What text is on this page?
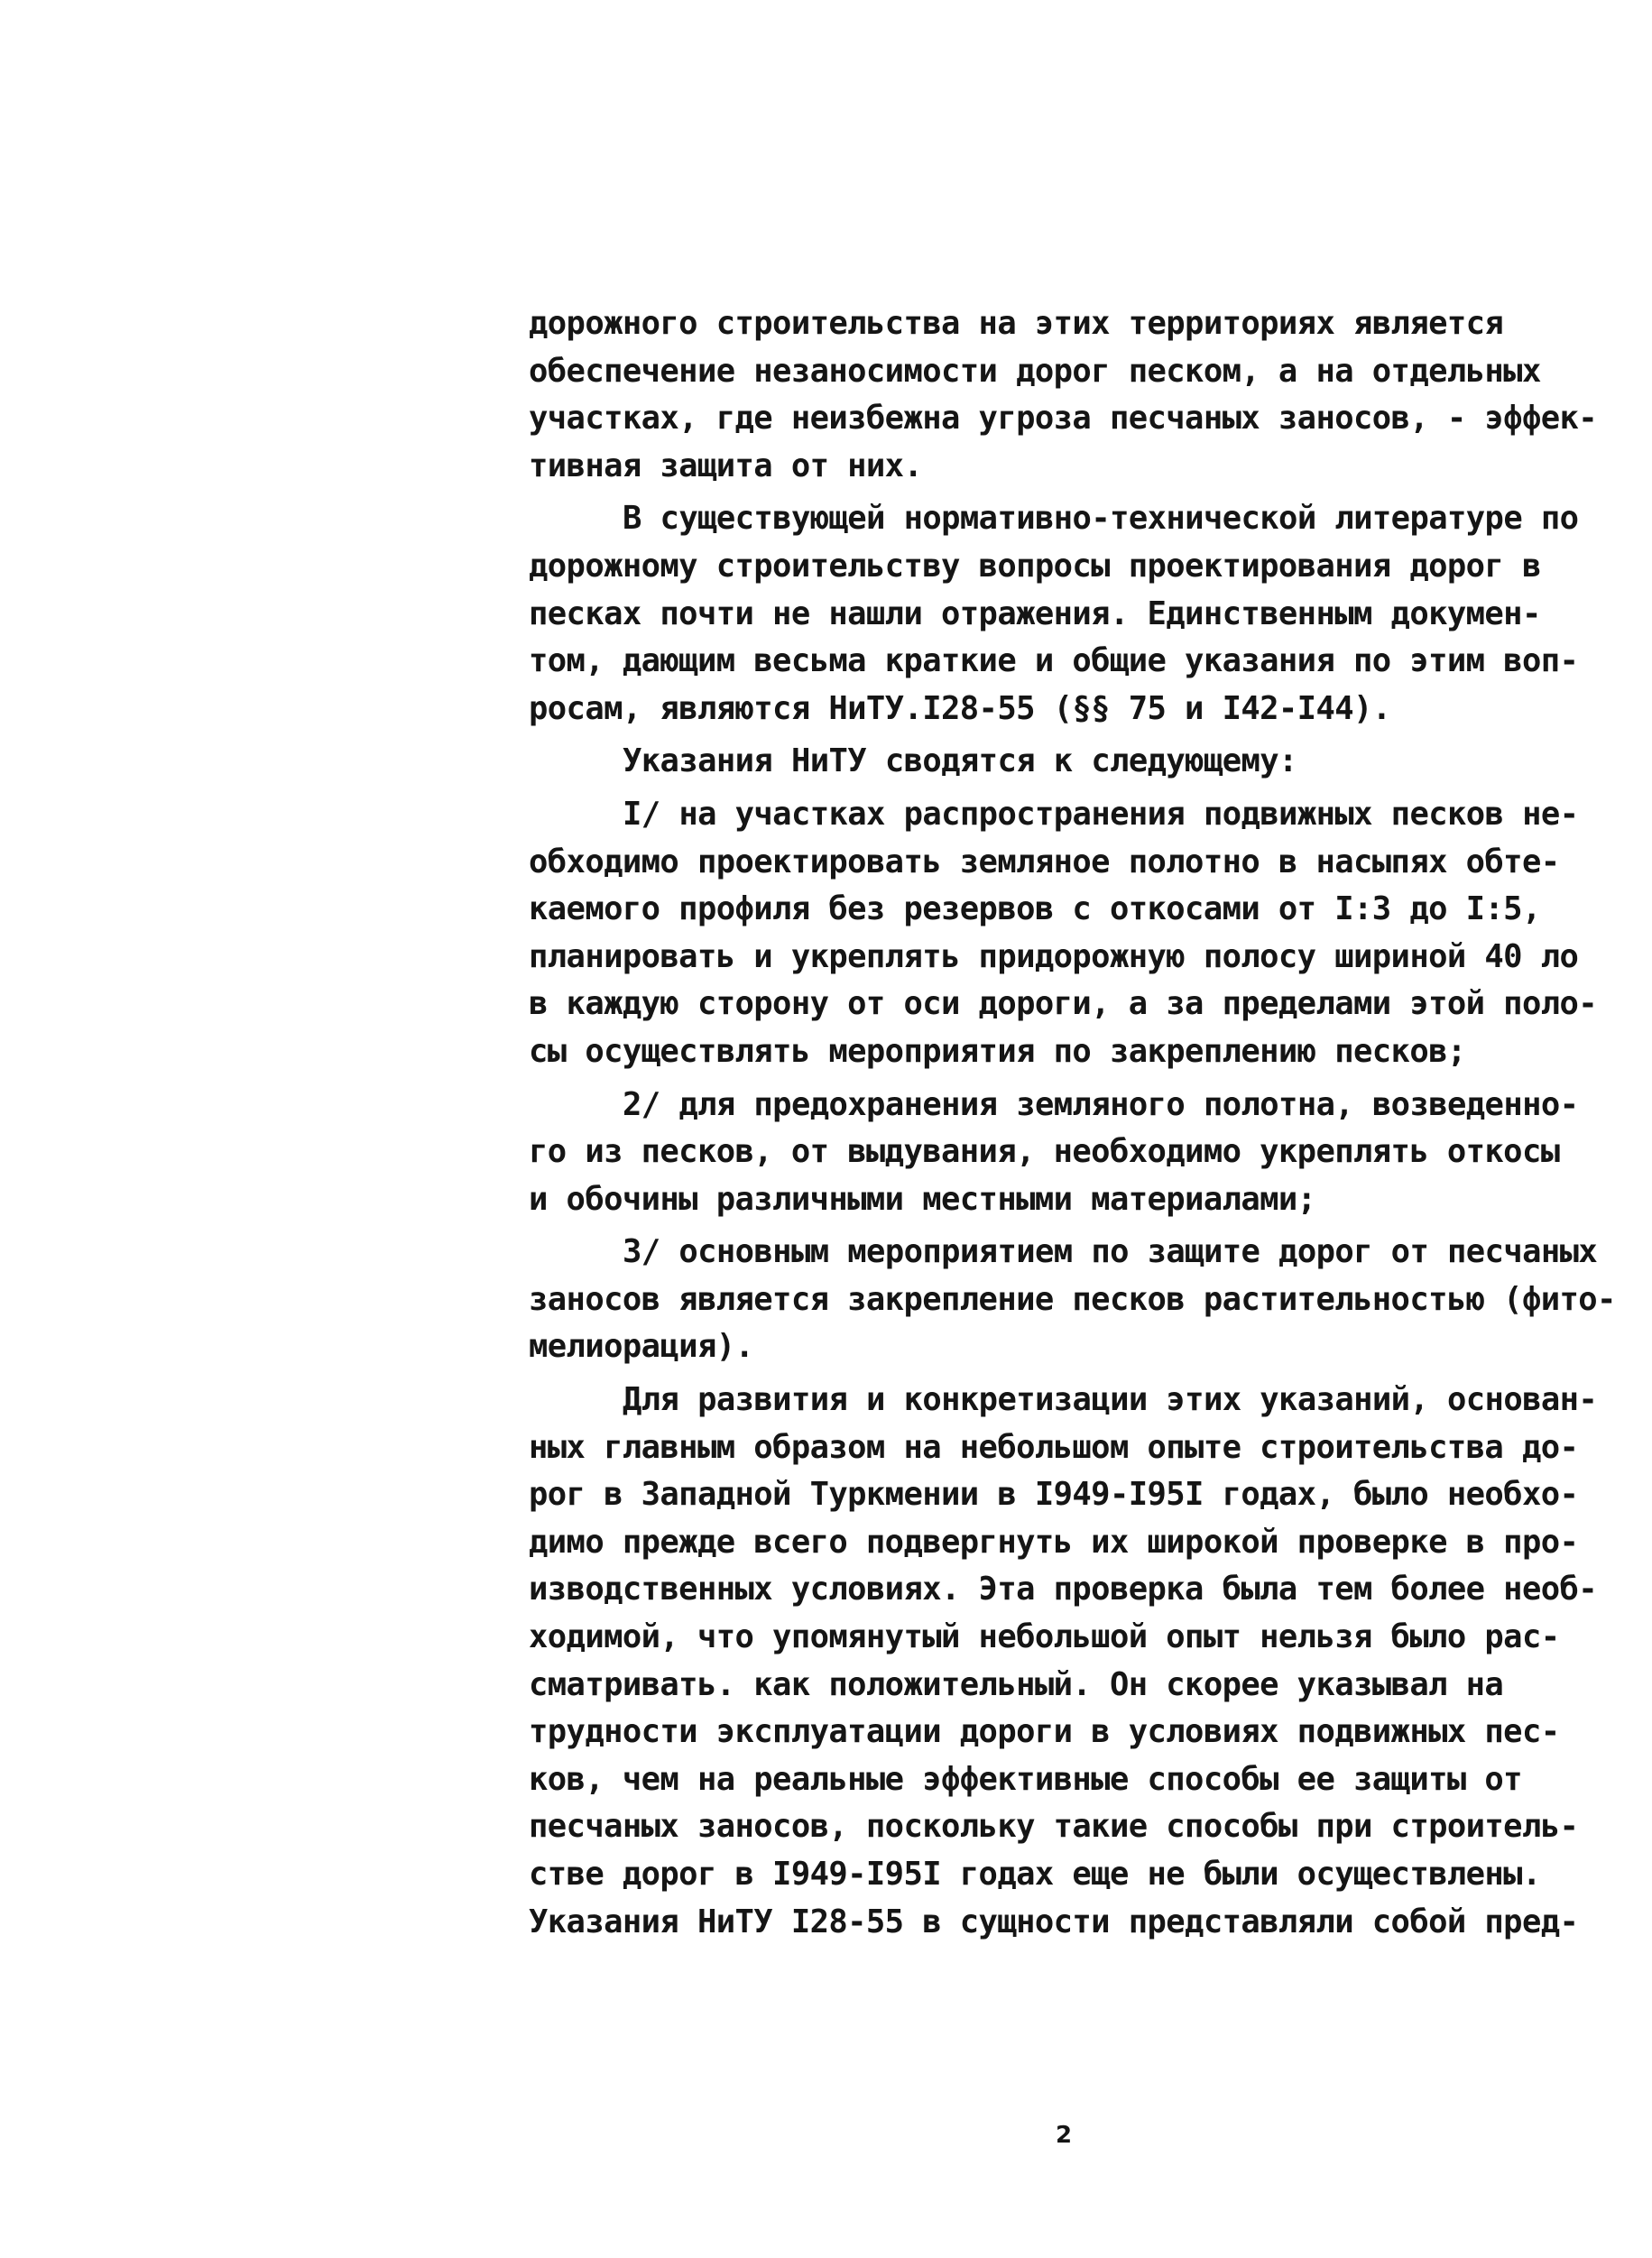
дорожного строительства на этих территориях является
обеспечение незаносимости дорог песком, а на отдельных
участках, где неизбежна угроза песчаных заносов, - эффек-
тивная защита от них.

В существующей нормативно-технической литературе по
дорожному строительству вопросы проектирования дорог в
песках почти не нашли отражения. Единственным докумен-
том, дающим весьма краткие и общие указания по этим воп-
росам, являются НиТУ.I28-55 (§§ 75 и I42-I44).

Указания НиТУ сводятся к следующему:

I/ на участках распространения подвижных песков не-
обходимо проектировать земляное полотно в насыпях обте-
каемого профиля без резервов с откосами от I:3 до I:5,
планировать и укреплять придорожную полосу шириной 40 ло
в каждую сторону от оси дороги, а за пределами этой поло-
сы осуществлять мероприятия по закреплению песков;

2/ для предохранения земляного полотна, возведенно-
го из песков, от выдувания, необходимо укреплять откосы
и обочины различными местными материалами;

3/ основным мероприятием по защите дорог от песчаных
заносов является закрепление песков растительностью (фито-
мелиорация).

Для развития и конкретизации этих указаний, основан-
ных главным образом на небольшом опыте строительства до-
рог в Западной Туркмении в I949-I95I годах, было необхо-
димо прежде всего подвергнуть их широкой проверке в про-
изводственных условиях. Эта проверка была тем более необ-
ходимой, что упомянутый небольшой опыт нельзя было рас-
сматривать. как положительный. Он скорее указывал на
трудности эксплуатации дороги в условиях подвижных пес-
ков, чем на реальные эффективные способы ее защиты от
песчаных заносов, поскольку такие способы при строитель-
стве дорог в I949-I95I годах еще не были осуществлены.
Указания НиТУ I28-55 в сущности представляли собой пред-

2
